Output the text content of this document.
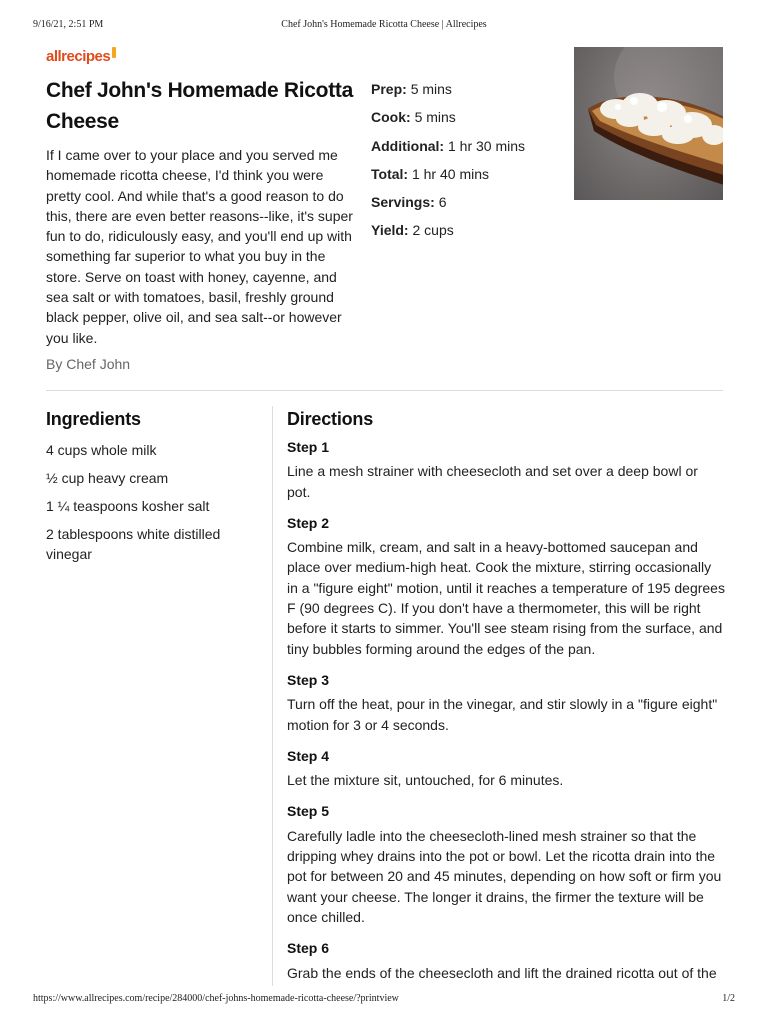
9/16/21, 2:51 PM	Chef John's Homemade Ricotta Cheese | Allrecipes
allrecipes
Chef John's Homemade Ricotta Cheese

If I came over to your place and you served me homemade ricotta cheese, I'd think you were pretty cool. And while that's a good reason to do this, there are even better reasons--like, it's super fun to do, ridiculously easy, and you'll end up with something far superior to what you buy in the store. Serve on toast with honey, cayenne, and sea salt or with tomatoes, basil, freshly ground black pepper, olive oil, and sea salt--or however you like.

By Chef John
Prep: 5 mins
Cook: 5 mins
Additional: 1 hr 30 mins
Total: 1 hr 40 mins
Servings: 6
Yield: 2 cups
Ingredients
4 cups whole milk
½ cup heavy cream
1 ¼ teaspoons kosher salt
2 tablespoons white distilled vinegar
Directions
Step 1

Line a mesh strainer with cheesecloth and set over a deep bowl or pot.

Step 2

Combine milk, cream, and salt in a heavy-bottomed saucepan and place over medium-high heat. Cook the mixture, stirring occasionally in a "figure eight" motion, until it reaches a temperature of 195 degrees F (90 degrees C). If you don't have a thermometer, this will be right before it starts to simmer. You'll see steam rising from the surface, and tiny bubbles forming around the edges of the pan.

Step 3

Turn off the heat, pour in the vinegar, and stir slowly in a "figure eight" motion for 3 or 4 seconds.

Step 4

Let the mixture sit, untouched, for 6 minutes.

Step 5

Carefully ladle into the cheesecloth-lined mesh strainer so that the dripping whey drains into the pot or bowl. Let the ricotta drain into the pot for between 20 and 45 minutes, depending on how soft or firm you want your cheese. The longer it drains, the firmer the texture will be once chilled.

Step 6

Grab the ends of the cheesecloth and lift the drained ricotta out of the

https://www.allrecipes.com/recipe/284000/chef-johns-homemade-ricotta-cheese/?printview	1/2
